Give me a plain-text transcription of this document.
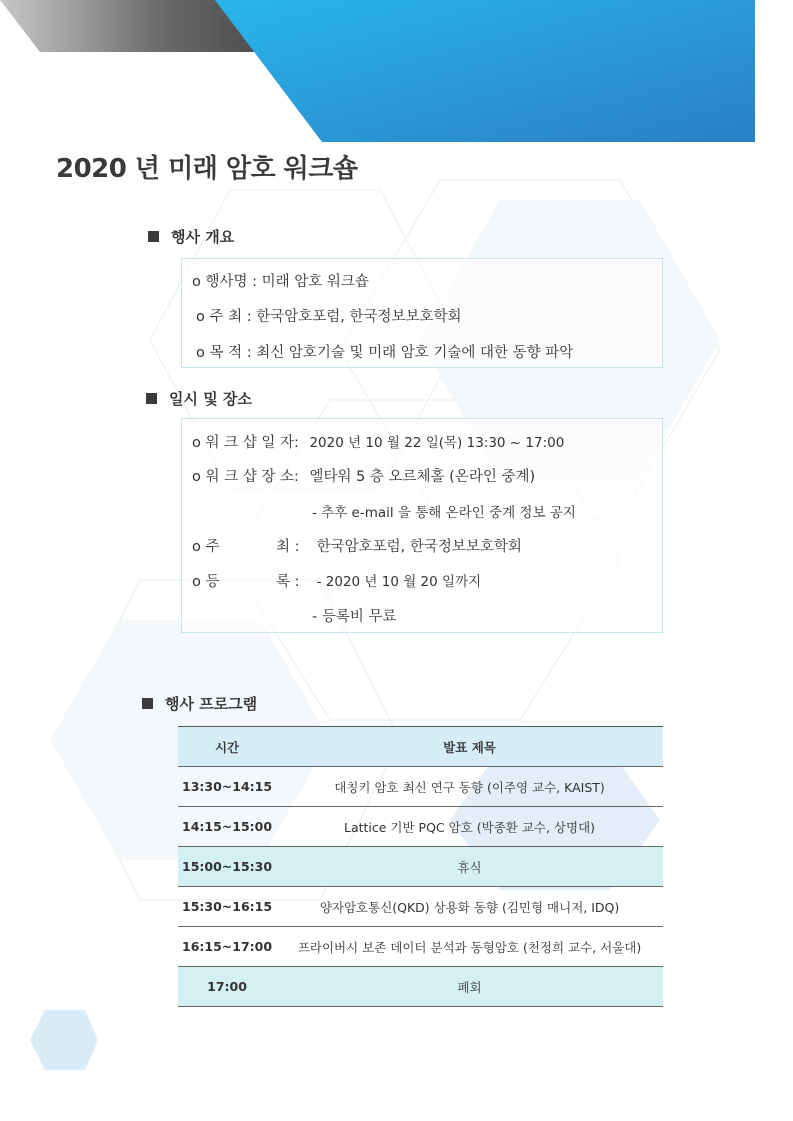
2020 년 미래 암호 워크숍
행사 개요
o 행사명 : 미래 암호 워크숍
o 주 최 : 한국암호포럼, 한국정보보호학회
o 목 적 : 최신 암호기술 및 미래 암호 기술에 대한 동향 파악
일시 및 장소
o 워 크 샵 일 자: 2020 년 10 월 22 일(목) 13:30 ~ 17:00
o 워 크 샵 장 소: 엘타워 5 층 오르체홀 (온라인 중계)
- 추후 e-mail 을 통해 온라인 중계 정보 공지
o 주	최 : 한국암호포럼, 한국정보보호학회
o 등	록 : - 2020 년 10 월 20 일까지
- 등록비 무료
행사 프로그램
시간	발표 제목
13:30~14:15	대칭키 암호 최신 연구 동향 (이주영 교수, KAIST)
14:15~15:00	Lattice 기반 PQC 암호 (박종환 교수, 상명대)
15:00~15:30	휴식
15:30~16:15	양자암호통신(QKD) 상용화 동향 (김민형 매니저, IDQ)
16:15~17:00	프라이버시 보존 데이터 분석과 동형암호 (천정희 교수, 서울대)
17:00	폐회
